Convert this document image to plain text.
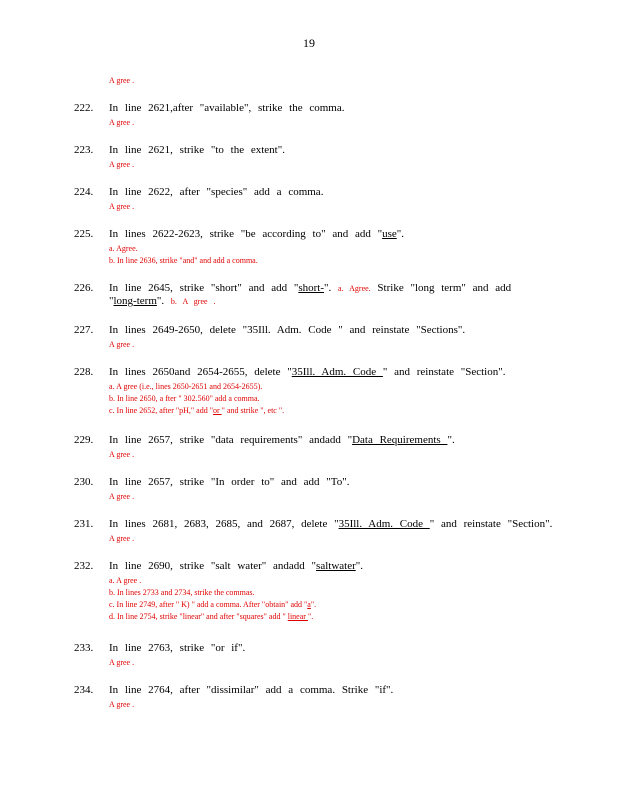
19
A gree .
222. In line 2621,after "available", strike the comma.
A gree .
223. In line 2621, strike "to the extent".
A gree .
224. In line 2622, after "species" add a comma.
A gree .
225. In lines 2622-2623, strike "be according to" and add "use".
a. Agree.
b. In line 2636, strike "and" and add a comma.
226. In line 2645, strike "short" and add "short-". a. Agree. Strike "long term" and add "long-term". b. A gree .
227. In lines 2649-2650, delete "35Ill. Adm. Code " and reinstate "Sections".
A gree .
228. In lines 2650and 2654-2655, delete "35Ill. Adm. Code " and reinstate "Section".
a. A gree (i.e., lines 2650-2651 and 2654-2655).
b. In line 2650, a fter " 302.560" add a comma.
c. In line 2652, after "pH," add "or " and strike ", etc ".
229. In line 2657, strike "data requirements" andadd "Data Requirements ".
A gree .
230. In line 2657, strike "In order to" and add "To".
A gree .
231. In lines 2681, 2683, 2685, and 2687, delete "35Ill. Adm. Code " and reinstate "Section".
A gree .
232. In line 2690, strike "salt water" andadd "saltwater".
a. A gree .
b. In lines 2733 and 2734, strike the commas.
c. In line 2749, after " K) " add a comma. After "obtain" add "a".
d. In line 2754, strike "linear" and after "squares" add " linear ".
233. In line 2763, strike "or if".
A gree .
234. In line 2764, after "dissimilar" add a comma. Strike "if".
A gree .
